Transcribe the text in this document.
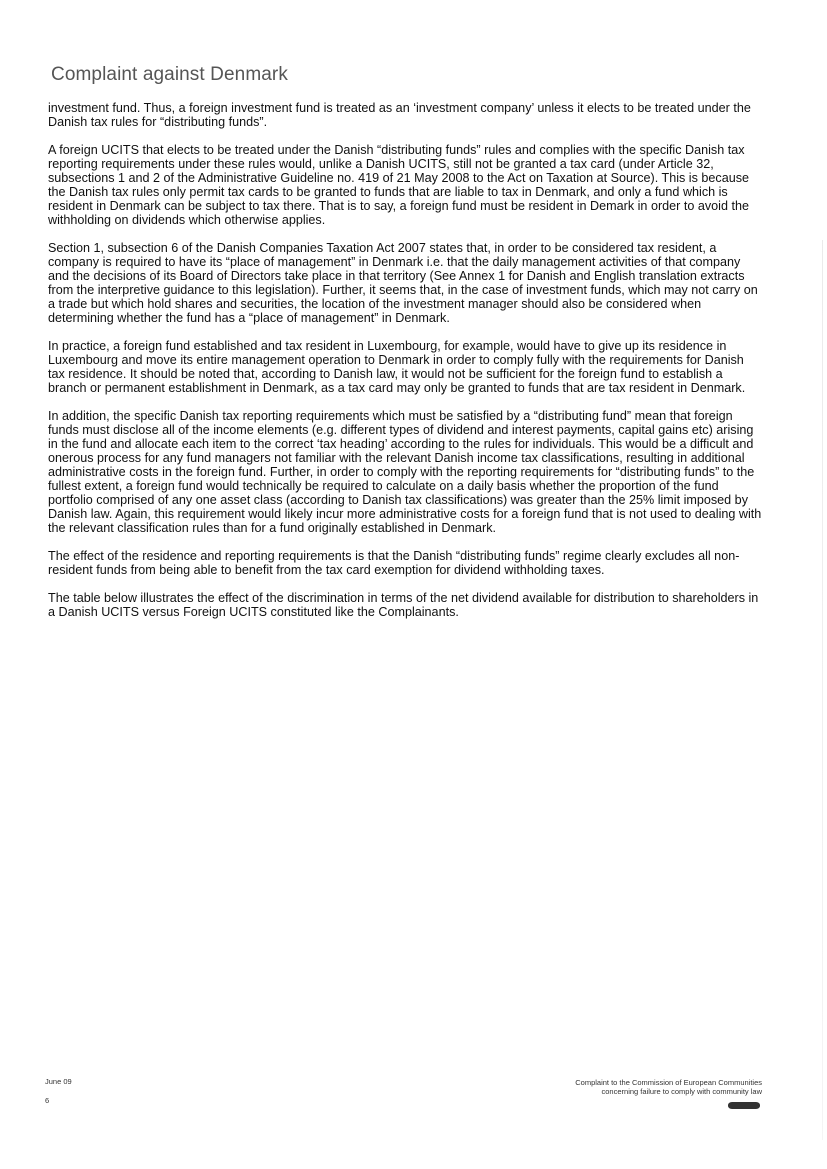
Complaint against Denmark

investment fund. Thus, a foreign investment fund is treated as an ‘investment company’ unless it elects to be treated under the Danish tax rules for “distributing funds”.

A foreign UCITS that elects to be treated under the Danish “distributing funds” rules and complies with the specific Danish tax reporting requirements under these rules would, unlike a Danish UCITS, still not be granted a tax card (under Article 32, subsections 1 and 2 of the Administrative Guideline no. 419 of 21 May 2008 to the Act on Taxation at Source). This is because the Danish tax rules only permit tax cards to be granted to funds that are liable to tax in Denmark, and only a fund which is resident in Denmark can be subject to tax there. That is to say, a foreign fund must be resident in Demark in order to avoid the withholding on dividends which otherwise applies.

Section 1, subsection 6 of the Danish Companies Taxation Act 2007 states that, in order to be considered tax resident, a company is required to have its “place of management” in Denmark i.e. that the daily management activities of that company and the decisions of its Board of Directors take place in that territory (See Annex 1 for Danish and English translation extracts from the interpretive guidance to this legislation). Further, it seems that, in the case of investment funds, which may not carry on a trade but which hold shares and securities, the location of the investment manager should also be considered when determining whether the fund has a “place of management” in Denmark.

In practice, a foreign fund established and tax resident in Luxembourg, for example, would have to give up its residence in Luxembourg and move its entire management operation to Denmark in order to comply fully with the requirements for Danish tax residence. It should be noted that, according to Danish law, it would not be sufficient for the foreign fund to establish a branch or permanent establishment in Denmark, as a tax card may only be granted to funds that are tax resident in Denmark.

In addition, the specific Danish tax reporting requirements which must be satisfied by a “distributing fund” mean that foreign funds must disclose all of the income elements (e.g. different types of dividend and interest payments, capital gains etc) arising in the fund and allocate each item to the correct ‘tax heading’ according to the rules for individuals. This would be a difficult and onerous process for any fund managers not familiar with the relevant Danish income tax classifications, resulting in additional administrative costs in the foreign fund. Further, in order to comply with the reporting requirements for “distributing funds” to the fullest extent, a foreign fund would technically be required to calculate on a daily basis whether the proportion of the fund portfolio comprised of any one asset class (according to Danish tax classifications) was greater than the 25% limit imposed by Danish law. Again, this requirement would likely incur more administrative costs for a foreign fund that is not used to dealing with the relevant classification rules than for a fund originally established in Denmark.

The effect of the residence and reporting requirements is that the Danish “distributing funds” regime clearly excludes all non-resident funds from being able to benefit from the tax card exemption for dividend withholding taxes.

The table below illustrates the effect of the discrimination in terms of the net dividend available for distribution to shareholders in a Danish UCITS versus Foreign UCITS constituted like the Complainants.

June 09
6
Complaint to the Commission of European Communities
concerning failure to comply with community law
